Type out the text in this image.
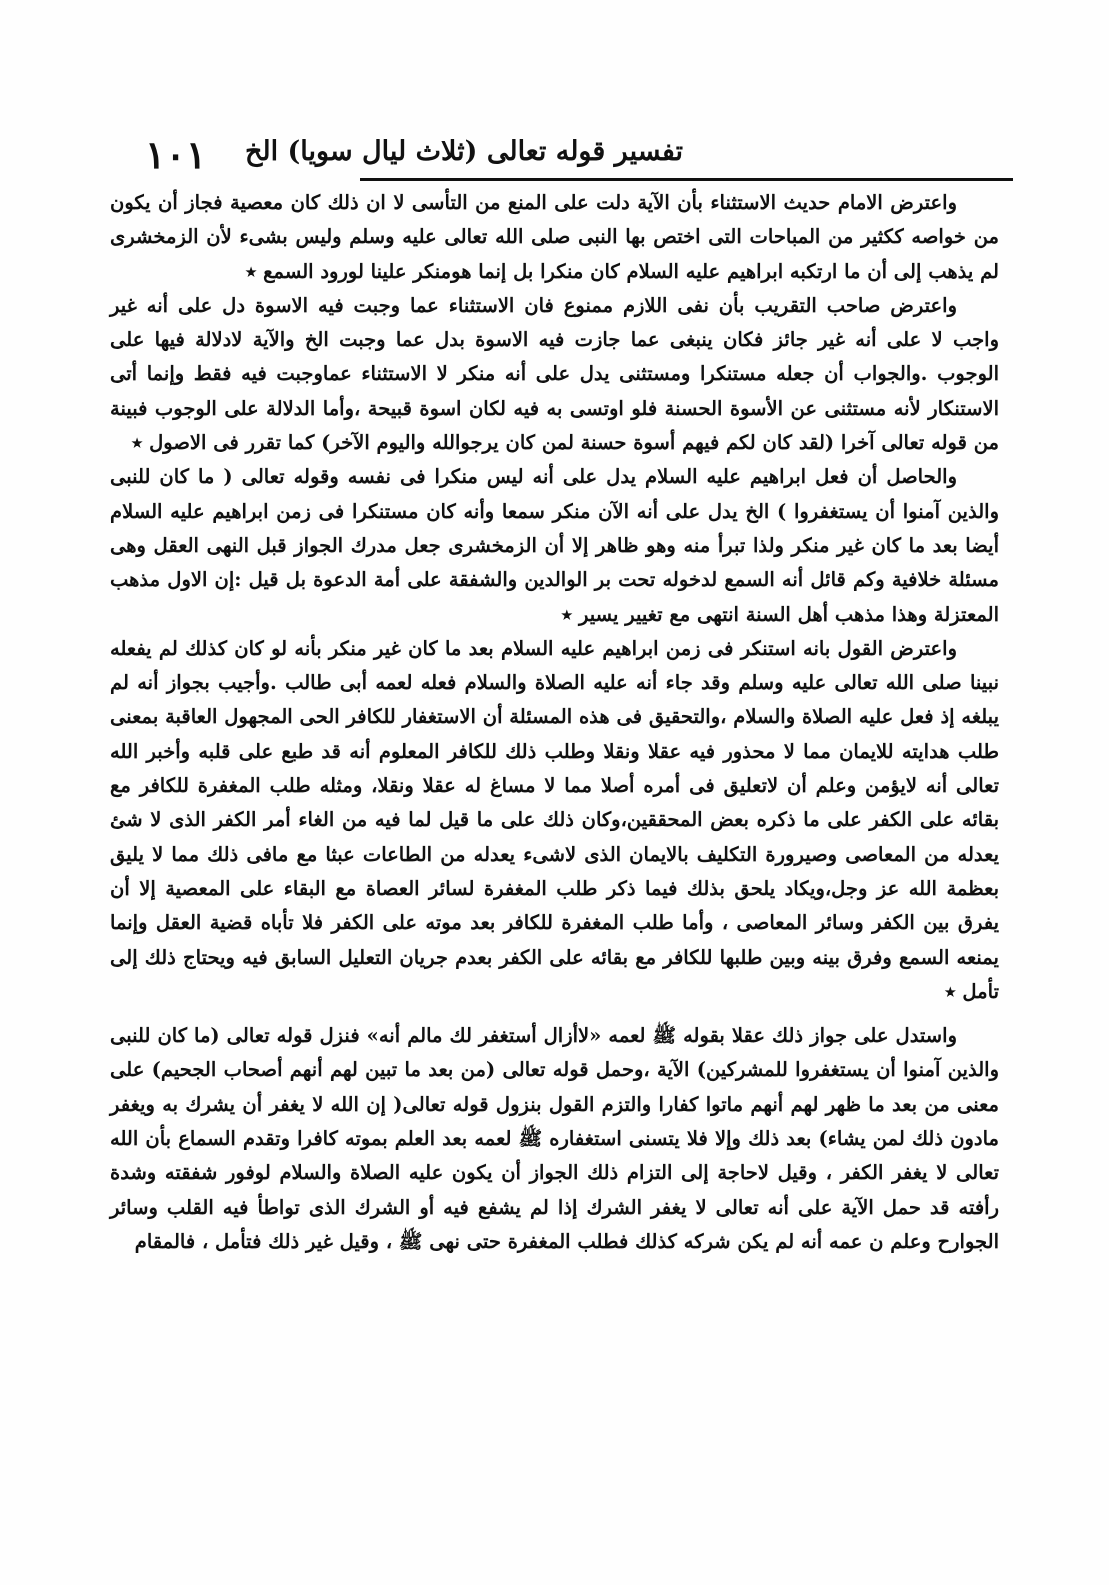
تفسير قوله تعالى (ثلاث ليال سويا) الخ
١٠١

واعترض الامام حديث الاستثناء بأن الآية دلت على المنع من التأسى لا ان ذلك كان معصية فجاز أن يكون من خواصه ككثير من المباحات التى اختص بها النبى صلى الله تعالى عليه وسلم وليس بشىء لأن الزمخشرى لم يذهب إلى أن ما ارتكبه ابراهيم عليه السلام كان منكرا بل إنما هومنكر علينا لورود السمع ٭

واعترض صاحب التقريب بأن نفى اللازم ممنوع فان الاستثناء عما وجبت فيه الاسوة دل على أنه غير واجب لا على أنه غير جائز فكان ينبغى عما جازت فيه الاسوة بدل عما وجبت الخ والآية لادلالة فيها على الوجوب .والجواب أن جعله مستنكرا ومستثنى يدل على أنه منكر لا الاستثناء عماوجبت فيه فقط وإنما أتى الاستنكار لأنه مستثنى عن الأسوة الحسنة فلو اوتسى به فيه لكان اسوة قبيحة ،وأما الدلالة على الوجوب فبينة من قوله تعالى آخرا (لقد كان لكم فيهم أسوة حسنة لمن كان يرجوالله واليوم الآخر) كما تقرر فى الاصول ٭

والحاصل أن فعل ابراهيم عليه السلام يدل على أنه ليس منكرا فى نفسه وقوله تعالى ( ما كان للنبى والذين آمنوا أن يستغفروا ) الخ يدل على أنه الآن منكر سمعا وأنه كان مستنكرا فى زمن ابراهيم عليه السلام أيضا بعد ما كان غير منكر ولذا تبرأ منه وهو ظاهر إلا أن الزمخشرى جعل مدرك الجواز قبل النهى العقل وهى مسئلة خلافية وكم قائل أنه السمع لدخوله تحت بر الوالدين والشفقة على أمة الدعوة بل قيل :إن الاول مذهب المعتزلة وهذا مذهب أهل السنة انتهى مع تغيير يسير ٭

واعترض القول بانه استنكر فى زمن ابراهيم عليه السلام بعد ما كان غير منكر بأنه لو كان كذلك لم يفعله نبينا صلى الله تعالى عليه وسلم وقد جاء أنه عليه الصلاة والسلام فعله لعمه أبى طالب .وأجيب بجواز أنه لم يبلغه إذ فعل عليه الصلاة والسلام ،والتحقيق فى هذه المسئلة أن الاستغفار للكافر الحى المجهول العاقبة بمعنى طلب هدايته للايمان مما لا محذور فيه عقلا ونقلا وطلب ذلك للكافر المعلوم أنه قد طبع على قلبه وأخبر الله تعالى أنه لايؤمن وعلم أن لاتعليق فى أمره أصلا مما لا مساغ له عقلا ونقلا، ومثله طلب المغفرة للكافر مع بقائه على الكفر على ما ذكره بعض المحققين،وكان ذلك على ما قيل لما فيه من الغاء أمر الكفر الذى لا شئ يعدله من المعاصى وصيرورة التكليف بالايمان الذى لاشىء يعدله من الطاعات عبثا مع مافى ذلك مما لا يليق بعظمة الله عز وجل،ويكاد يلحق بذلك فيما ذكر طلب المغفرة لسائر العصاة مع البقاء على المعصية إلا أن يفرق بين الكفر وسائر المعاصى ، وأما طلب المغفرة للكافر بعد موته على الكفر فلا تأباه قضية العقل وإنما يمنعه السمع وفرق بينه وبين طلبها للكافر مع بقائه على الكفر بعدم جريان التعليل السابق فيه ويحتاج ذلك إلى تأمل ٭

واستدل على جواز ذلك عقلا بقوله ﷺ لعمه «لاأزال أستغفر لك مالم أنه» فنزل قوله تعالى (ما كان للنبى والذين آمنوا أن يستغفروا للمشركين) الآية ،وحمل قوله تعالى (من بعد ما تبين لهم أنهم أصحاب الجحيم) على معنى من بعد ما ظهر لهم أنهم ماتوا كفارا والتزم القول بنزول قوله تعالى( إن الله لا يغفر أن يشرك به ويغفر مادون ذلك لمن يشاء) بعد ذلك وإلا فلا يتسنى استغفاره ﷺ لعمه بعد العلم بموته كافرا وتقدم السماع بأن الله تعالى لا يغفر الكفر ، وقيل لاحاجة إلى التزام ذلك الجواز أن يكون عليه الصلاة والسلام لوفور شفقته وشدة رأفته قد حمل الآية على أنه تعالى لا يغفر الشرك إذا لم يشفع فيه أو الشرك الذى تواطأ فيه القلب وسائر الجوارح وعلم ن عمه أنه لم يكن شركه كذلك فطلب المغفرة حتى نهى ﷺ ، وقيل غير ذلك فتأمل ، فالمقام
